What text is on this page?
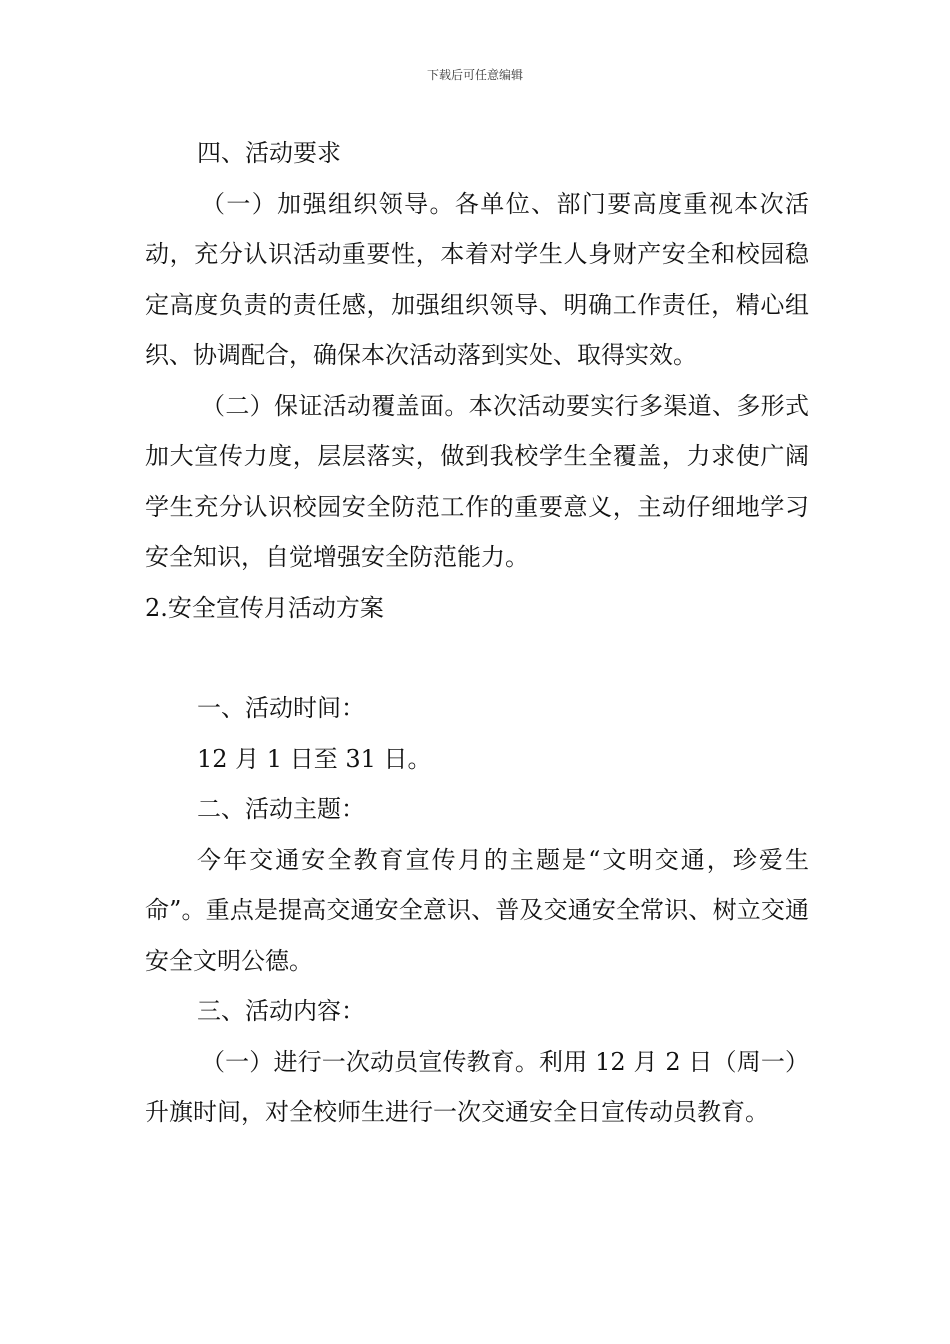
下载后可任意编辑

四、活动要求

（一）加强组织领导。各单位、部门要高度重视本次活动，充分认识活动重要性，本着对学生人身财产安全和校园稳定高度负责的责任感，加强组织领导、明确工作责任，精心组织、协调配合，确保本次活动落到实处、取得实效。

（二）保证活动覆盖面。本次活动要实行多渠道、多形式加大宣传力度，层层落实，做到我校学生全覆盖，力求使广阔学生充分认识校园安全防范工作的重要意义，主动仔细地学习安全知识，自觉增强安全防范能力。

2.安全宣传月活动方案

一、活动时间：

12 月 1 日至 31 日。

二、活动主题：

今年交通安全教育宣传月的主题是“文明交通，珍爱生命”。重点是提高交通安全意识、普及交通安全常识、树立交通安全文明公德。

三、活动内容：

（一）进行一次动员宣传教育。利用 12 月 2 日（周一）升旗时间，对全校师生进行一次交通安全日宣传动员教育。
